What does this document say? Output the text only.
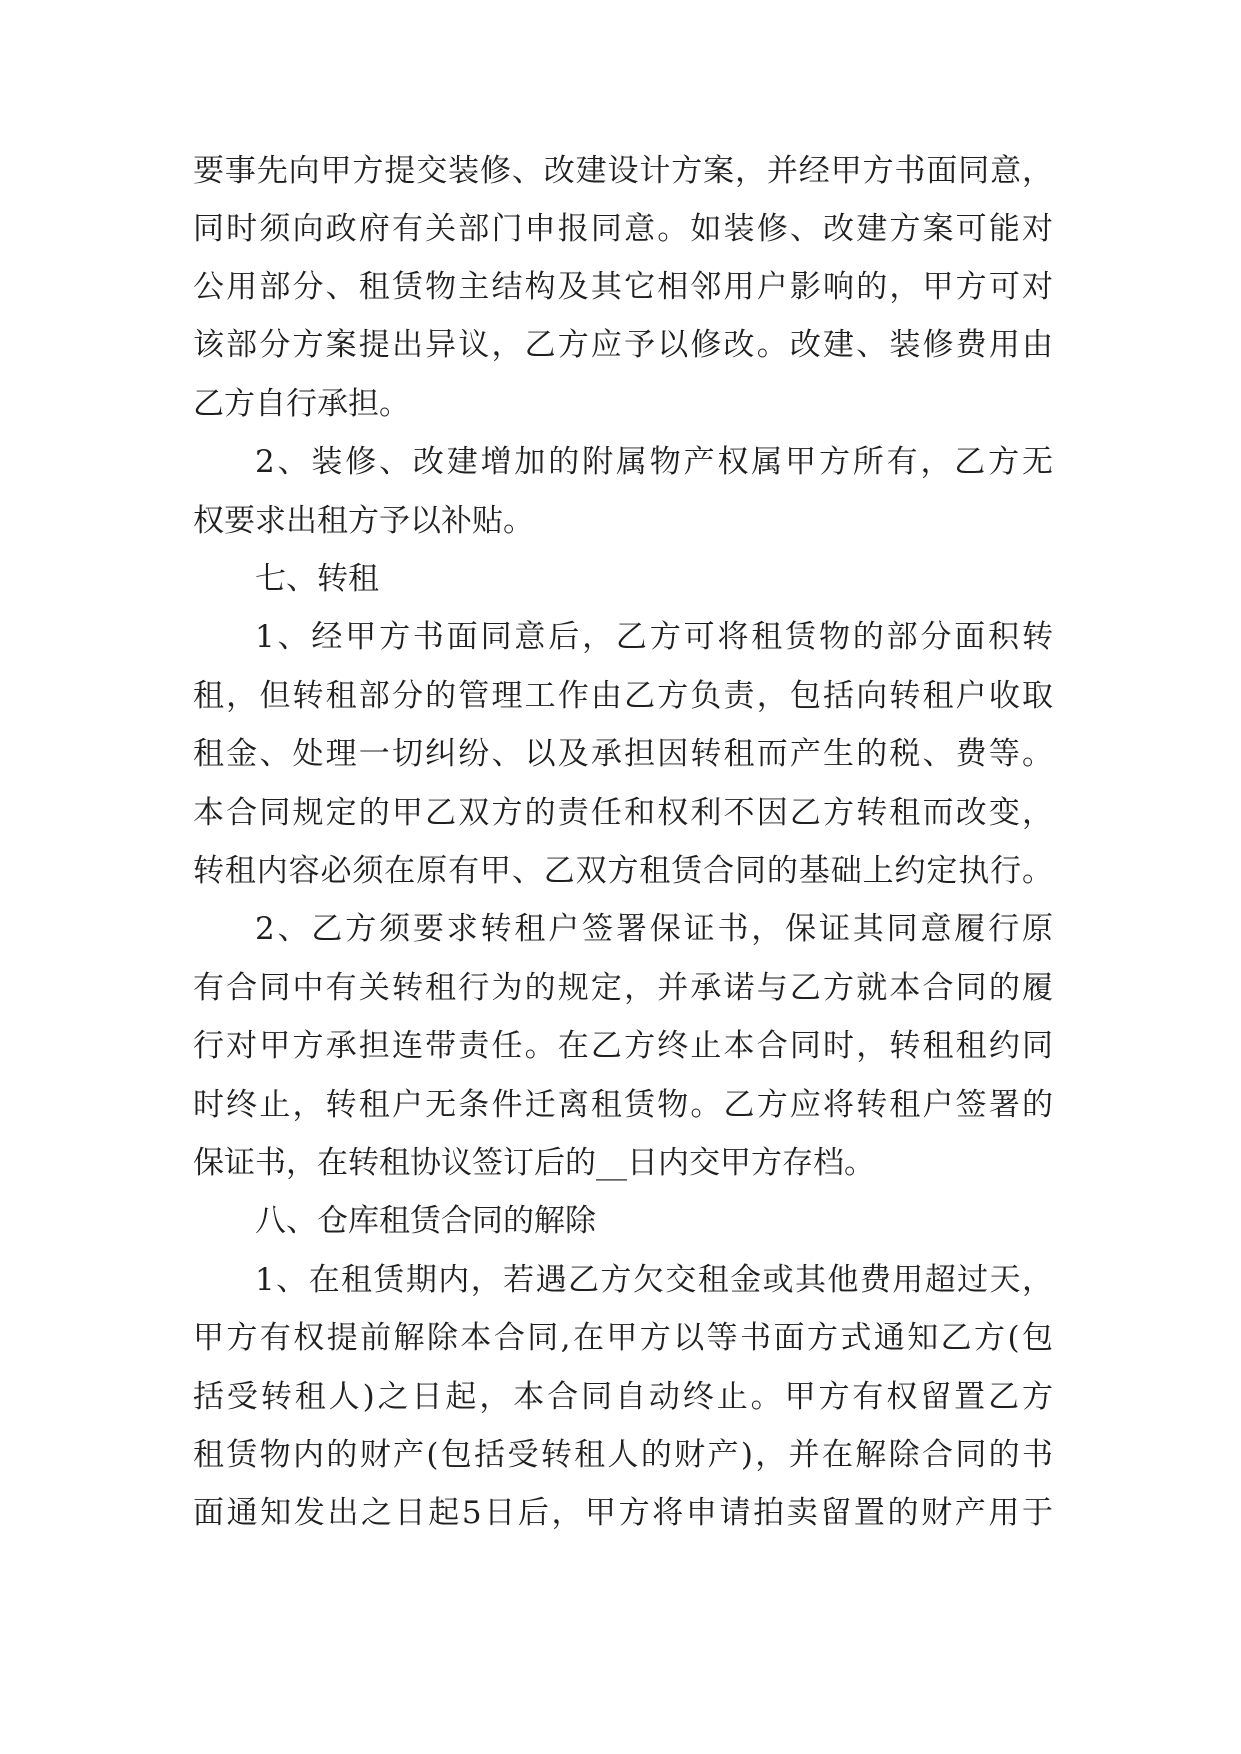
要事先向甲方提交装修、改建设计方案，并经甲方书面同意，
同时须向政府有关部门申报同意。如装修、改建方案可能对
公用部分、租赁物主结构及其它相邻用户影响的，甲方可对
该部分方案提出异议，乙方应予以修改。改建、装修费用由
乙方自行承担。
2、装修、改建增加的附属物产权属甲方所有，乙方无
权要求出租方予以补贴。
七、转租
1、经甲方书面同意后，乙方可将租赁物的部分面积转
租，但转租部分的管理工作由乙方负责，包括向转租户收取
租金、处理一切纠纷、以及承担因转租而产生的税、费等。
本合同规定的甲乙双方的责任和权利不因乙方转租而改变，
转租内容必须在原有甲、乙双方租赁合同的基础上约定执行。
2、乙方须要求转租户签署保证书，保证其同意履行原
有合同中有关转租行为的规定，并承诺与乙方就本合同的履
行对甲方承担连带责任。在乙方终止本合同时，转租租约同
时终止，转租户无条件迁离租赁物。乙方应将转租户签署的
保证书，在转租协议签订后的__日内交甲方存档。
八、仓库租赁合同的解除
1、在租赁期内，若遇乙方欠交租金或其他费用超过天，
甲方有权提前解除本合同,在甲方以等书面方式通知乙方(包
括受转租人)之日起，本合同自动终止。甲方有权留置乙方
租赁物内的财产(包括受转租人的财产)，并在解除合同的书
面通知发出之日起5日后，甲方将申请拍卖留置的财产用于
